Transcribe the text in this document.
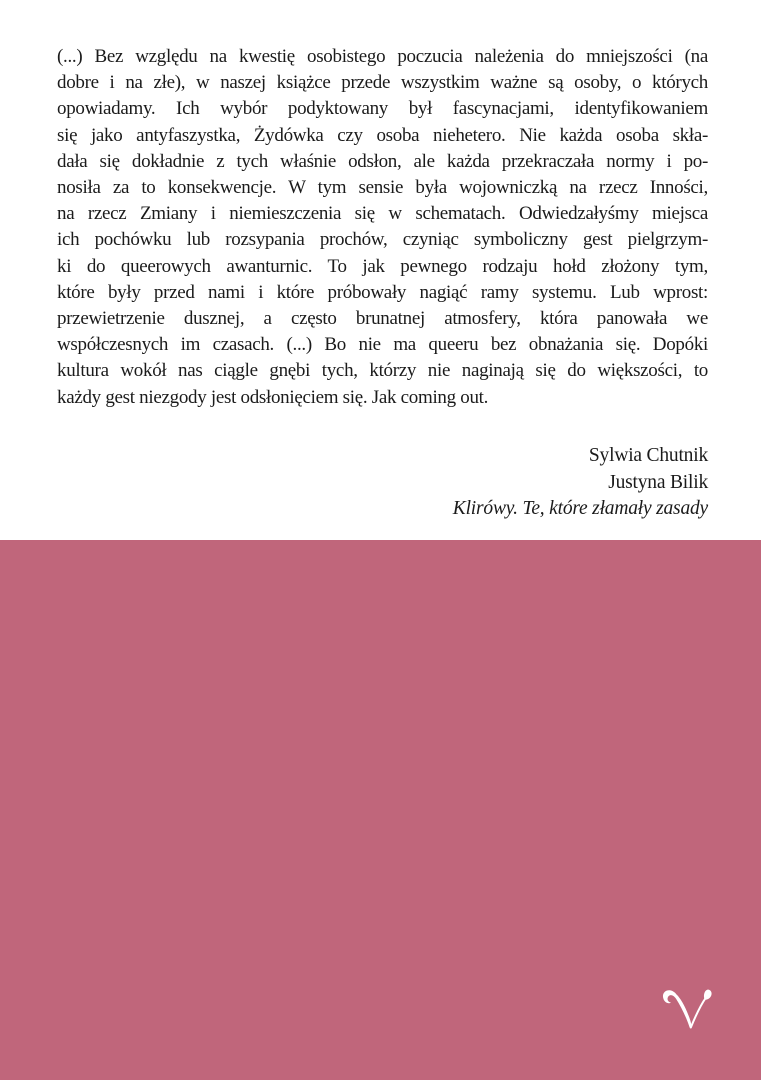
(...) Bez względu na kwestię osobistego poczucia należenia do mniejszości (na
dobre i na złe), w naszej książce przede wszystkim ważne są osoby, o których
opowiadamy. Ich wybór podyktowany był fascynacjami, identyfikowaniem
się jako antyfaszystka, Żydówka czy osoba niehetero. Nie każda osoba skła-
dała się dokładnie z tych właśnie odsłon, ale każda przekraczała normy i po-
nosiła za to konsekwencje. W tym sensie była wojowniczką na rzecz Inności,
na rzecz Zmiany i niemieszczenia się w schematach. Odwiedzałyśmy miejsca
ich pochówku lub rozsypania prochów, czyniąc symboliczny gest pielgrzym-
ki do queerowych awanturnic. To jak pewnego rodzaju hołd złożony tym,
które były przed nami i które próbowały nagiąć ramy systemu. Lub wprost:
przewietrzenie dusznej, a często brunatnej atmosfery, która panowała we
współczesnych im czasach. (...) Bo nie ma queeru bez obnażania się. Dopóki
kultura wokół nas ciągle gnębi tych, którzy nie naginają się do większości, to
każdy gest niezgody jest odsłonięciem się. Jak coming out.
Sylwia Chutnik
Justyna Bilik
Klirówy. Te, które złamały zasady
